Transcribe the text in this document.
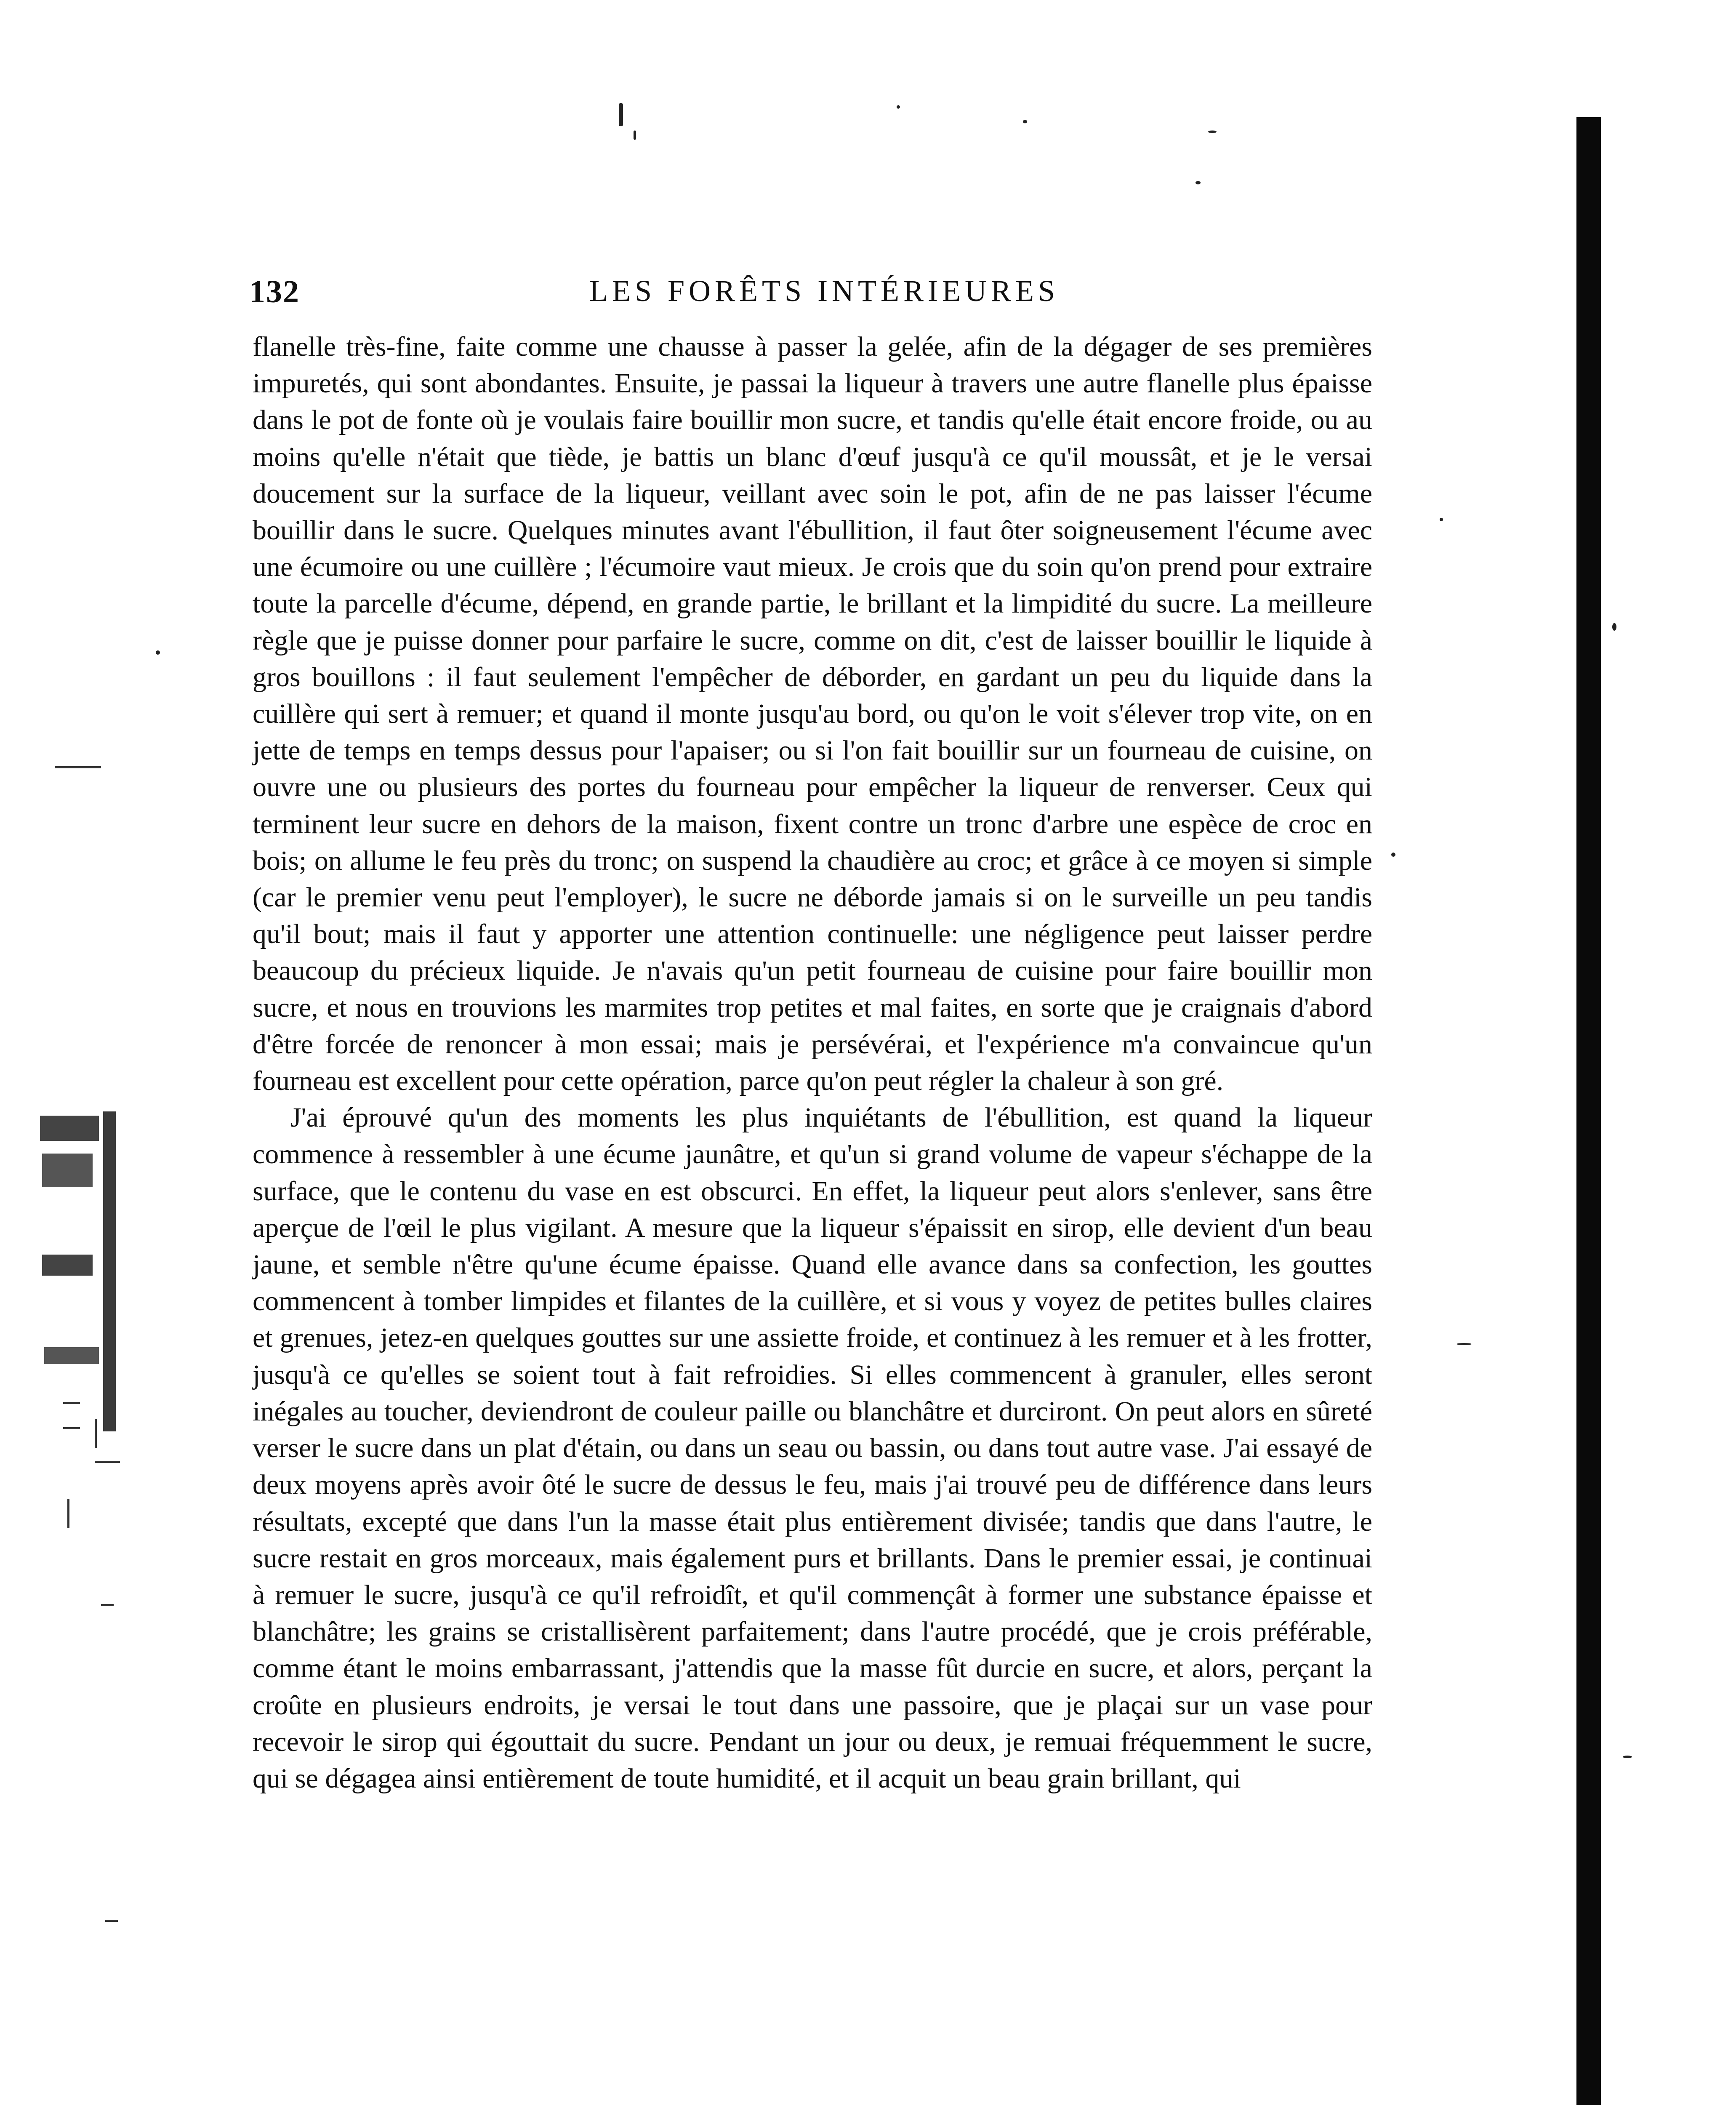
132	LES FORÊTS INTÉRIEURES

flanelle très-fine, faite comme une chausse à passer la gelée, afin de la dégager de ses premières impuretés, qui sont abondantes. Ensuite, je passai la liqueur à travers une autre flanelle plus épaisse dans le pot de fonte où je voulais faire bouillir mon sucre, et tandis qu'elle était encore froide, ou au moins qu'elle n'était que tiède, je battis un blanc d'œuf jusqu'à ce qu'il moussât, et je le versai doucement sur la surface de la liqueur, veillant avec soin le pot, afin de ne pas laisser l'écume bouillir dans le sucre. Quelques minutes avant l'ébullition, il faut ôter soigneusement l'écume avec une écumoire ou une cuillère ; l'écumoire vaut mieux. Je crois que du soin qu'on prend pour extraire toute la parcelle d'écume, dépend, en grande partie, le brillant et la limpidité du sucre. La meilleure règle que je puisse donner pour parfaire le sucre, comme on dit, c'est de laisser bouillir le liquide à gros bouillons : il faut seulement l'empêcher de déborder, en gardant un peu du liquide dans la cuillère qui sert à remuer; et quand il monte jusqu'au bord, ou qu'on le voit s'élever trop vite, on en jette de temps en temps dessus pour l'apaiser; ou si l'on fait bouillir sur un fourneau de cuisine, on ouvre une ou plusieurs des portes du fourneau pour empêcher la liqueur de renverser. Ceux qui terminent leur sucre en dehors de la maison, fixent contre un tronc d'arbre une espèce de croc en bois; on allume le feu près du tronc; on suspend la chaudière au croc; et grâce à ce moyen si simple (car le premier venu peut l'employer), le sucre ne déborde jamais si on le surveille un peu tandis qu'il bout; mais il faut y apporter une attention continuelle: une négligence peut laisser perdre beaucoup du précieux liquide. Je n'avais qu'un petit fourneau de cuisine pour faire bouillir mon sucre, et nous en trouvions les marmites trop petites et mal faites, en sorte que je craignais d'abord d'être forcée de renoncer à mon essai; mais je persévérai, et l'expérience m'a convaincue qu'un fourneau est excellent pour cette opération, parce qu'on peut régler la chaleur à son gré.

J'ai éprouvé qu'un des moments les plus inquiétants de l'ébullition, est quand la liqueur commence à ressembler à une écume jaunâtre, et qu'un si grand volume de vapeur s'échappe de la surface, que le contenu du vase en est obscurci. En effet, la liqueur peut alors s'enlever, sans être aperçue de l'œil le plus vigilant. A mesure que la liqueur s'épaissit en sirop, elle devient d'un beau jaune, et semble n'être qu'une écume épaisse. Quand elle avance dans sa confection, les gouttes commencent à tomber limpides et filantes de la cuillère, et si vous y voyez de petites bulles claires et grenues, jetez-en quelques gouttes sur une assiette froide, et continuez à les remuer et à les frotter, jusqu'à ce qu'elles se soient tout à fait refroidies. Si elles commencent à granuler, elles seront inégales au toucher, deviendront de couleur paille ou blanchâtre et durciront. On peut alors en sûreté verser le sucre dans un plat d'étain, ou dans un seau ou bassin, ou dans tout autre vase. J'ai essayé de deux moyens après avoir ôté le sucre de dessus le feu, mais j'ai trouvé peu de différence dans leurs résultats, excepté que dans l'un la masse était plus entièrement divisée; tandis que dans l'autre, le sucre restait en gros morceaux, mais également purs et brillants. Dans le premier essai, je continuai à remuer le sucre, jusqu'à ce qu'il refroidît, et qu'il commençât à former une substance épaisse et blanchâtre; les grains se cristallisèrent parfaitement; dans l'autre procédé, que je crois préférable, comme étant le moins embarrassant, j'attendis que la masse fût durcie en sucre, et alors, perçant la croûte en plusieurs endroits, je versai le tout dans une passoire, que je plaçai sur un vase pour recevoir le sirop qui égouttait du sucre. Pendant un jour ou deux, je remuai fréquemment le sucre, qui se dégagea ainsi entièrement de toute humidité, et il acquit un beau grain brillant, qui
